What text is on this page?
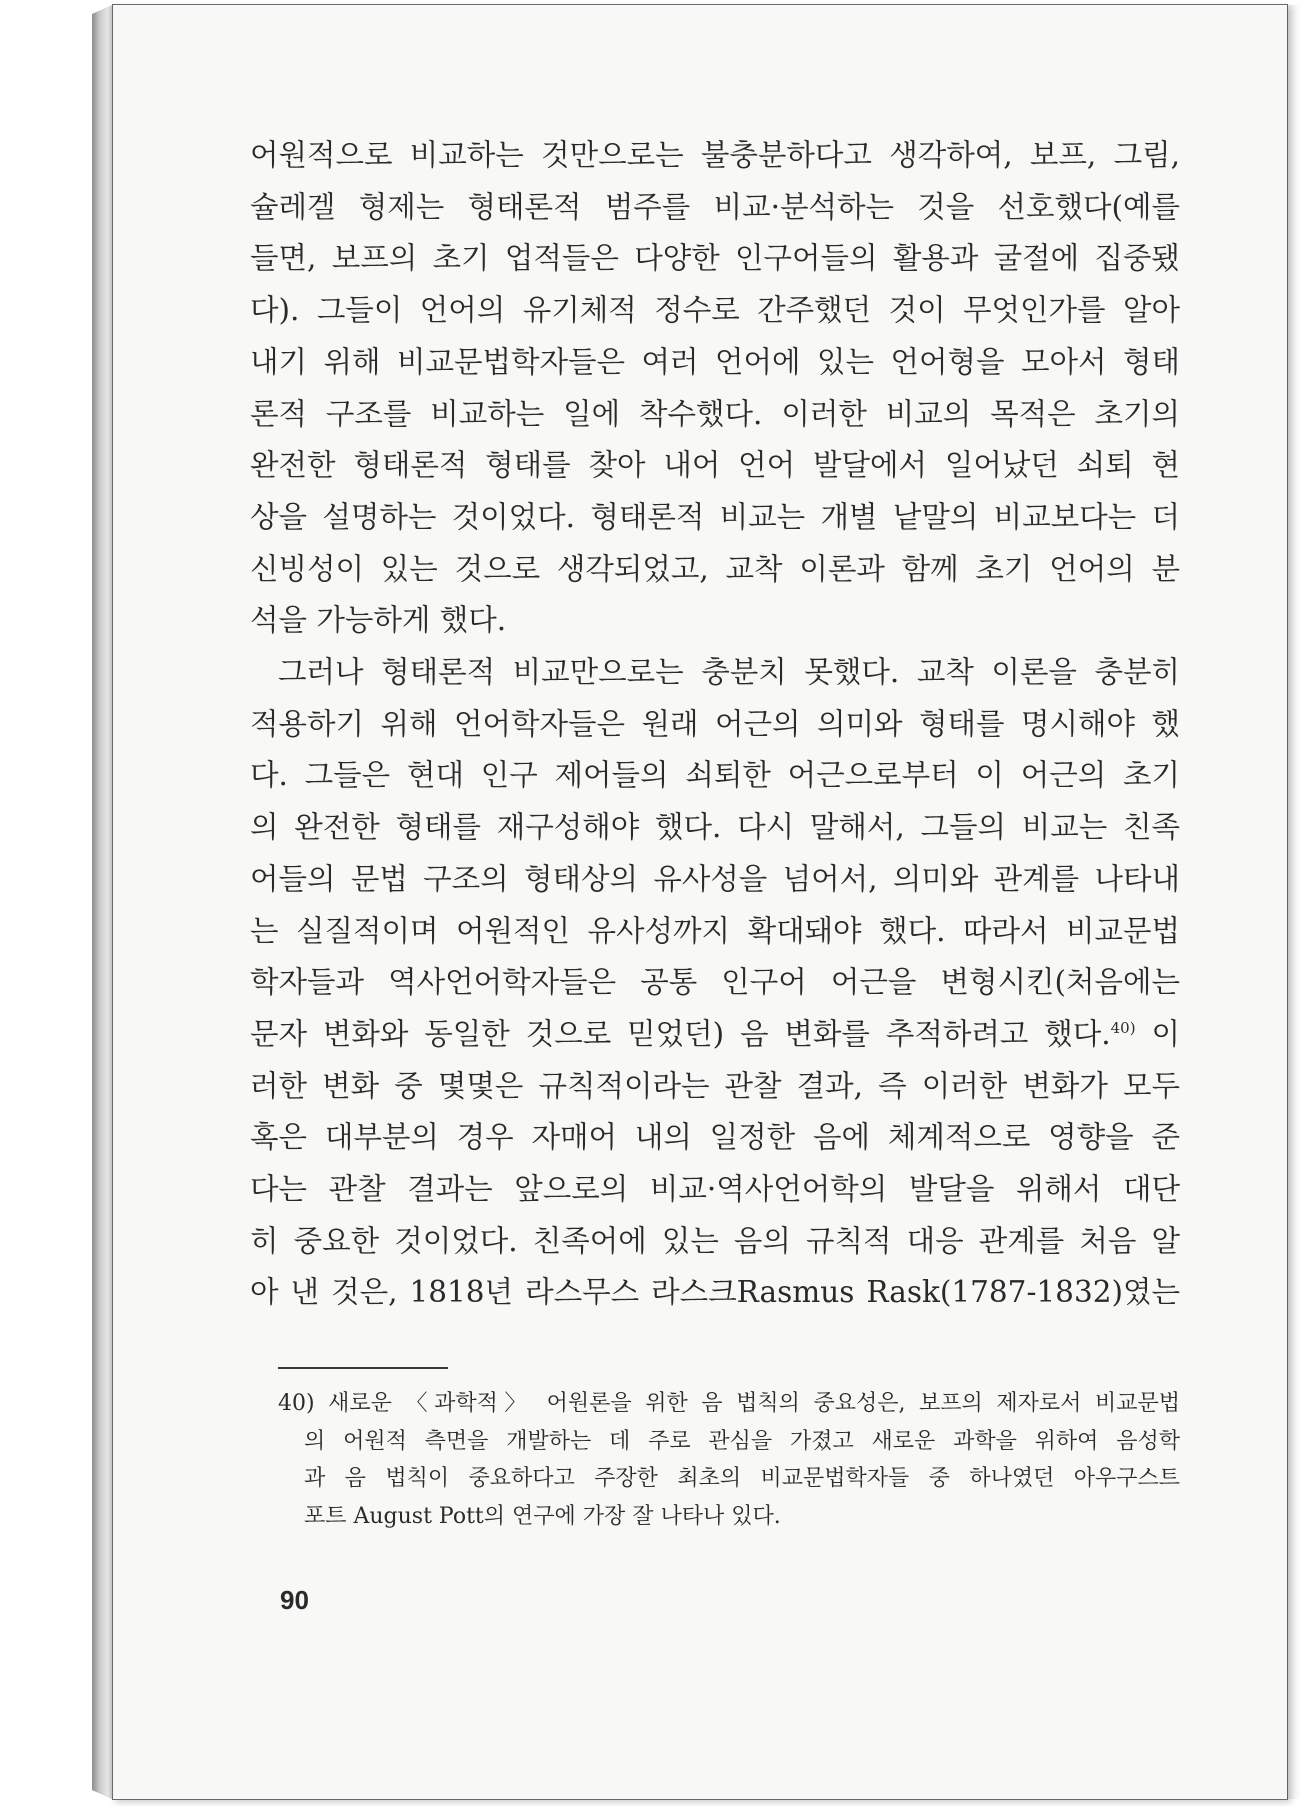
어원적으로 비교하는 것만으로는 불충분하다고 생각하여, 보프, 그림,
슐레겔 형제는 형태론적 범주를 비교·분석하는 것을 선호했다(예를
들면, 보프의 초기 업적들은 다양한 인구어들의 활용과 굴절에 집중됐
다). 그들이 언어의 유기체적 정수로 간주했던 것이 무엇인가를 알아
내기 위해 비교문법학자들은 여러 언어에 있는 언어형을 모아서 형태
론적 구조를 비교하는 일에 착수했다. 이러한 비교의 목적은 초기의
완전한 형태론적 형태를 찾아 내어 언어 발달에서 일어났던 쇠퇴 현
상을 설명하는 것이었다. 형태론적 비교는 개별 낱말의 비교보다는 더
신빙성이 있는 것으로 생각되었고, 교착 이론과 함께 초기 언어의 분
석을 가능하게 했다.
그러나 형태론적 비교만으로는 충분치 못했다. 교착 이론을 충분히
적용하기 위해 언어학자들은 원래 어근의 의미와 형태를 명시해야 했
다. 그들은 현대 인구 제어들의 쇠퇴한 어근으로부터 이 어근의 초기
의 완전한 형태를 재구성해야 했다. 다시 말해서, 그들의 비교는 친족
어들의 문법 구조의 형태상의 유사성을 넘어서, 의미와 관계를 나타내
는 실질적이며 어원적인 유사성까지 확대돼야 했다. 따라서 비교문법
학자들과 역사언어학자들은 공통 인구어 어근을 변형시킨(처음에는
문자 변화와 동일한 것으로 믿었던) 음 변화를 추적하려고 했다.$^{40)}$ 이
러한 변화 중 몇몇은 규칙적이라는 관찰 결과, 즉 이러한 변화가 모두
혹은 대부분의 경우 자매어 내의 일정한 음에 체계적으로 영향을 준
다는 관찰 결과는 앞으로의 비교·역사언어학의 발달을 위해서 대단
히 중요한 것이었다. 친족어에 있는 음의 규칙적 대응 관계를 처음 알
아 낸 것은, 1818년 라스무스 라스크Rasmus Rask(1787-1832)였는
40) 새로운 〈과학적〉 어원론을 위한 음 법칙의 중요성은, 보프의 제자로서 비교문법
의 어원적 측면을 개발하는 데 주로 관심을 가졌고 새로운 과학을 위하여 음성학
과 음 법칙이 중요하다고 주장한 최초의 비교문법학자들 중 하나였던 아우구스트
포트 August Pott의 연구에 가장 잘 나타나 있다.
90
